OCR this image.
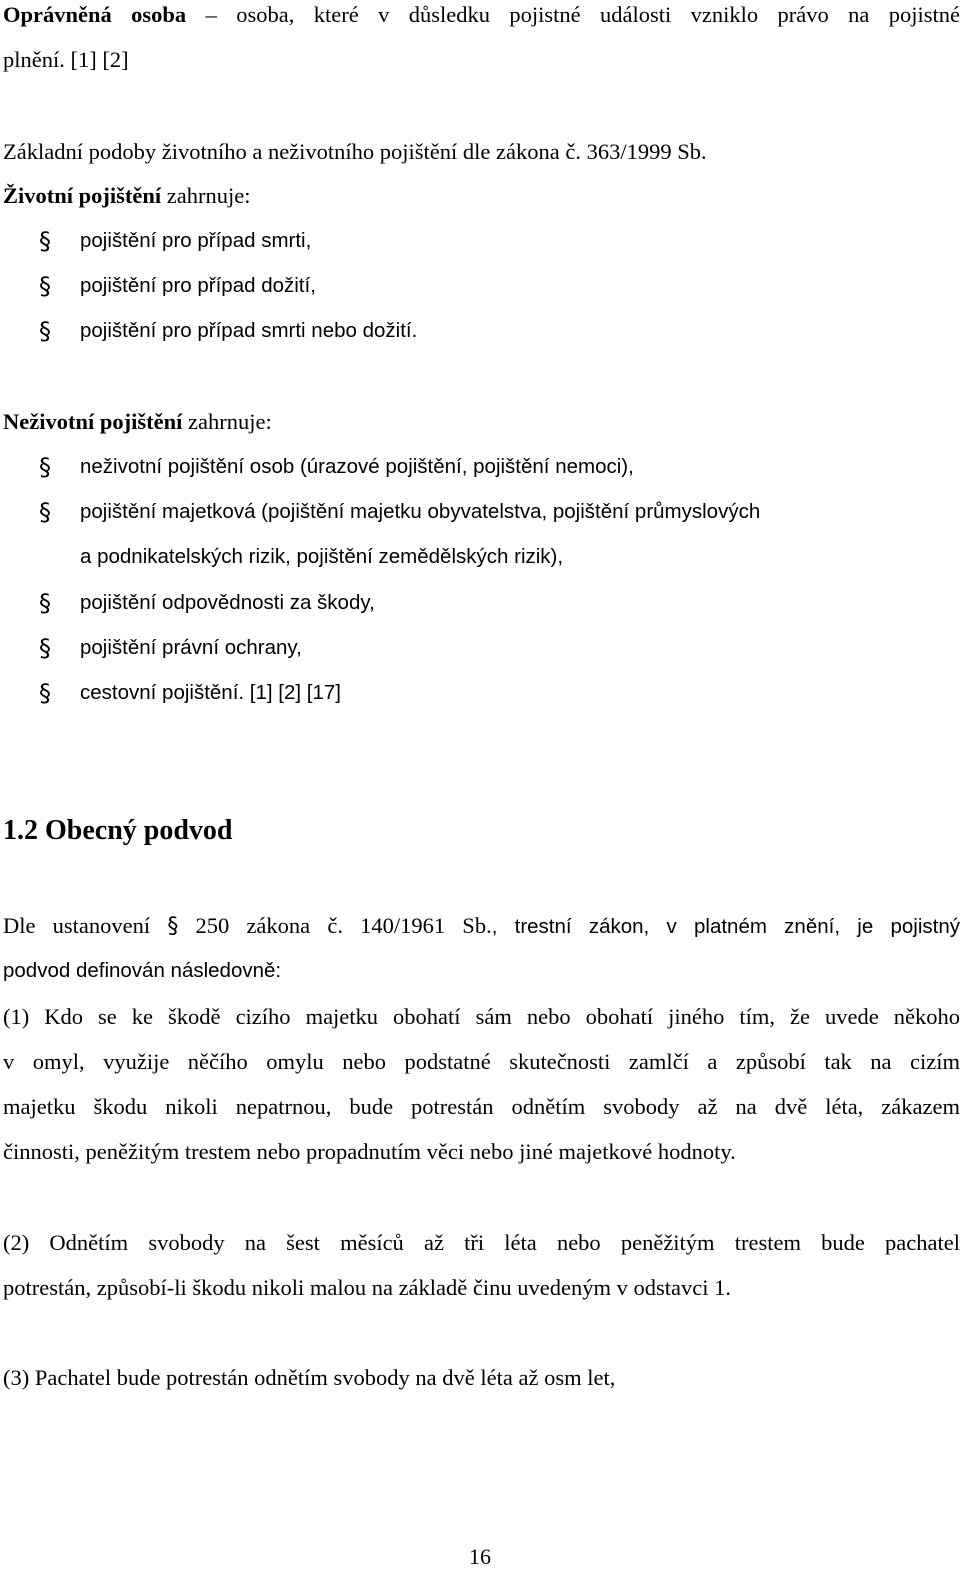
Oprávněná osoba – osoba, které v důsledku pojistné události vzniklo právo na pojistné
plnění. [1] [2]
Základní podoby životního a neživotního pojištění dle zákona č. 363/1999 Sb.
Životní pojištění zahrnuje:
§ pojištění pro případ smrti,
§ pojištění pro případ dožití,
§ pojištění pro případ smrti nebo dožití.
Neživotní pojištění zahrnuje:
§ neživotní pojištění osob (úrazové pojištění, pojištění nemoci),
§ pojištění majetková (pojištění majetku obyvatelstva, pojištění průmyslových
a podnikatelských rizik, pojištění zemědělských rizik),
§ pojištění odpovědnosti za škody,
§ pojištění právní ochrany,
§ cestovní pojištění. [1] [2] [17]
1.2 Obecný podvod
Dle ustanovení § 250 zákona č. 140/1961 Sb., trestní zákon, v platném znění, je pojistný
podvod definován následovně:
(1) Kdo se ke škodě cizího majetku obohatí sám nebo obohatí jiného tím, že uvede někoho
v omyl, využije něčího omylu nebo podstatné skutečnosti zamlčí a způsobí tak na cizím
majetku škodu nikoli nepatrnou, bude potrestán odnětím svobody až na dvě léta, zákazem
činnosti, peněžitým trestem nebo propadnutím věci nebo jiné majetkové hodnoty.
(2) Odnětím svobody na šest měsíců až tři léta nebo peněžitým trestem bude pachatel
potrestán, způsobí-li škodu nikoli malou na základě činu uvedeným v odstavci 1.
(3) Pachatel bude potrestán odnětím svobody na dvě léta až osm let,
16
